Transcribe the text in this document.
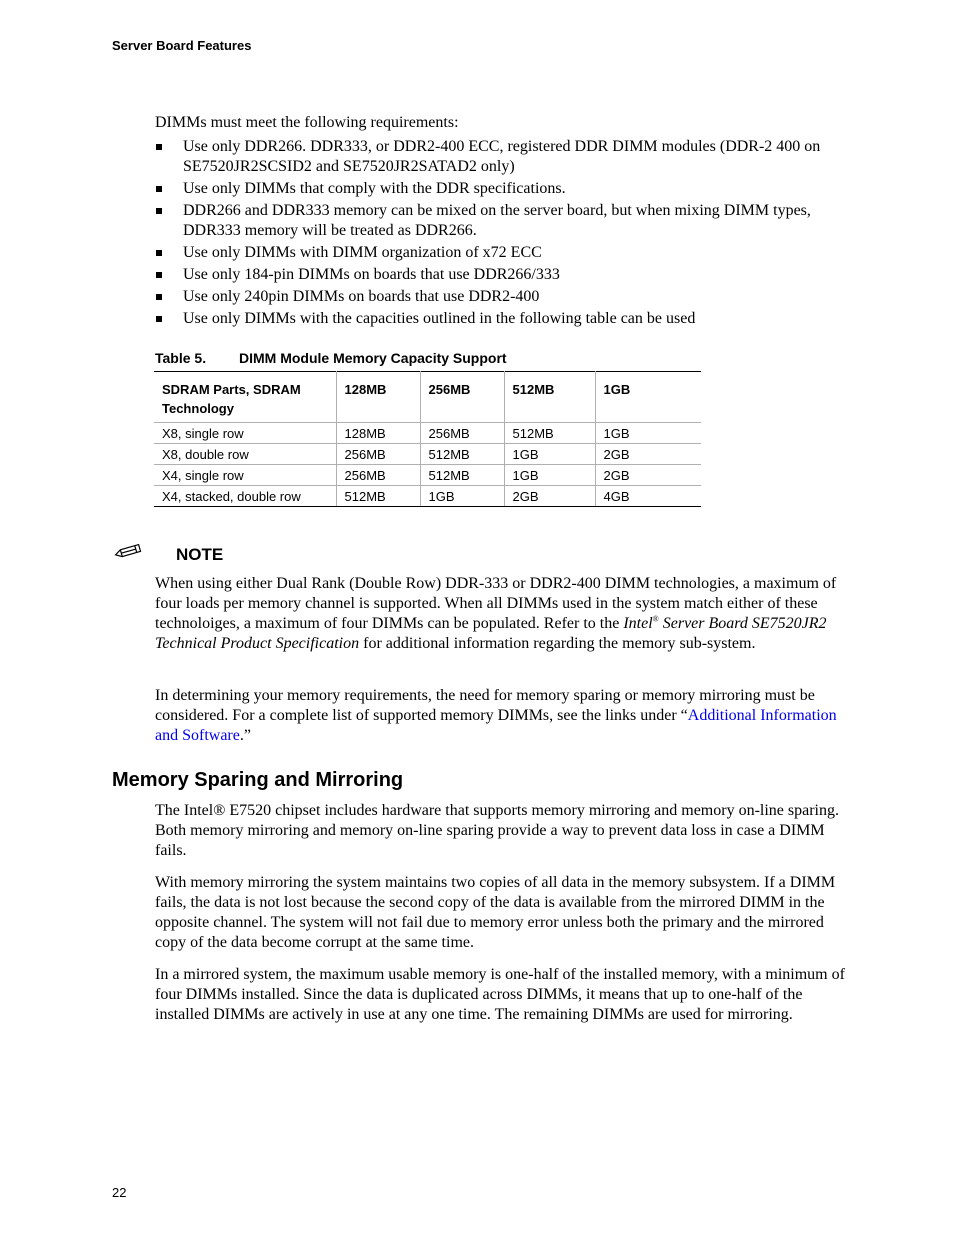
Server Board Features
DIMMs must meet the following requirements:
Use only DDR266. DDR333, or DDR2-400 ECC, registered DDR DIMM modules (DDR-2 400 on SE7520JR2SCSID2 and SE7520JR2SATAD2 only)
Use only DIMMs that comply with the DDR specifications.
DDR266 and DDR333 memory can be mixed on the server board, but when mixing DIMM types, DDR333 memory will be treated as DDR266.
Use only DIMMs with DIMM organization of x72 ECC
Use only 184-pin DIMMs on boards that use DDR266/333
Use only 240pin DIMMs on boards that use DDR2-400
Use only DIMMs with the capacities outlined in the following table can be used
Table 5. DIMM Module Memory Capacity Support
SDRAM Parts, SDRAM Technology	128MB	256MB	512MB	1GB
X8, single row	128MB	256MB	512MB	1GB
X8, double row	256MB	512MB	1GB	2GB
X4, single row	256MB	512MB	1GB	2GB
X4, stacked, double row	512MB	1GB	2GB	4GB
NOTE

When using either Dual Rank (Double Row) DDR-333 or DDR2-400 DIMM technologies, a maximum of four loads per memory channel is supported. When all DIMMs used in the system match either of these technoloiges, a maximum of four DIMMs can be populated. Refer to the Intel® Server Board SE7520JR2 Technical Product Specification for additional information regarding the memory sub-system.

In determining your memory requirements, the need for memory sparing or memory mirroring must be considered. For a complete list of supported memory DIMMs, see the links under “Additional Information and Software.”

Memory Sparing and Mirroring

The Intel® E7520 chipset includes hardware that supports memory mirroring and memory on-line sparing. Both memory mirroring and memory on-line sparing provide a way to prevent data loss in case a DIMM fails.

With memory mirroring the system maintains two copies of all data in the memory subsystem. If a DIMM fails, the data is not lost because the second copy of the data is available from the mirrored DIMM in the opposite channel. The system will not fail due to memory error unless both the primary and the mirrored copy of the data become corrupt at the same time.

In a mirrored system, the maximum usable memory is one-half of the installed memory, with a minimum of four DIMMs installed. Since the data is duplicated across DIMMs, it means that up to one-half of the installed DIMMs are actively in use at any one time. The remaining DIMMs are used for mirroring.

22
